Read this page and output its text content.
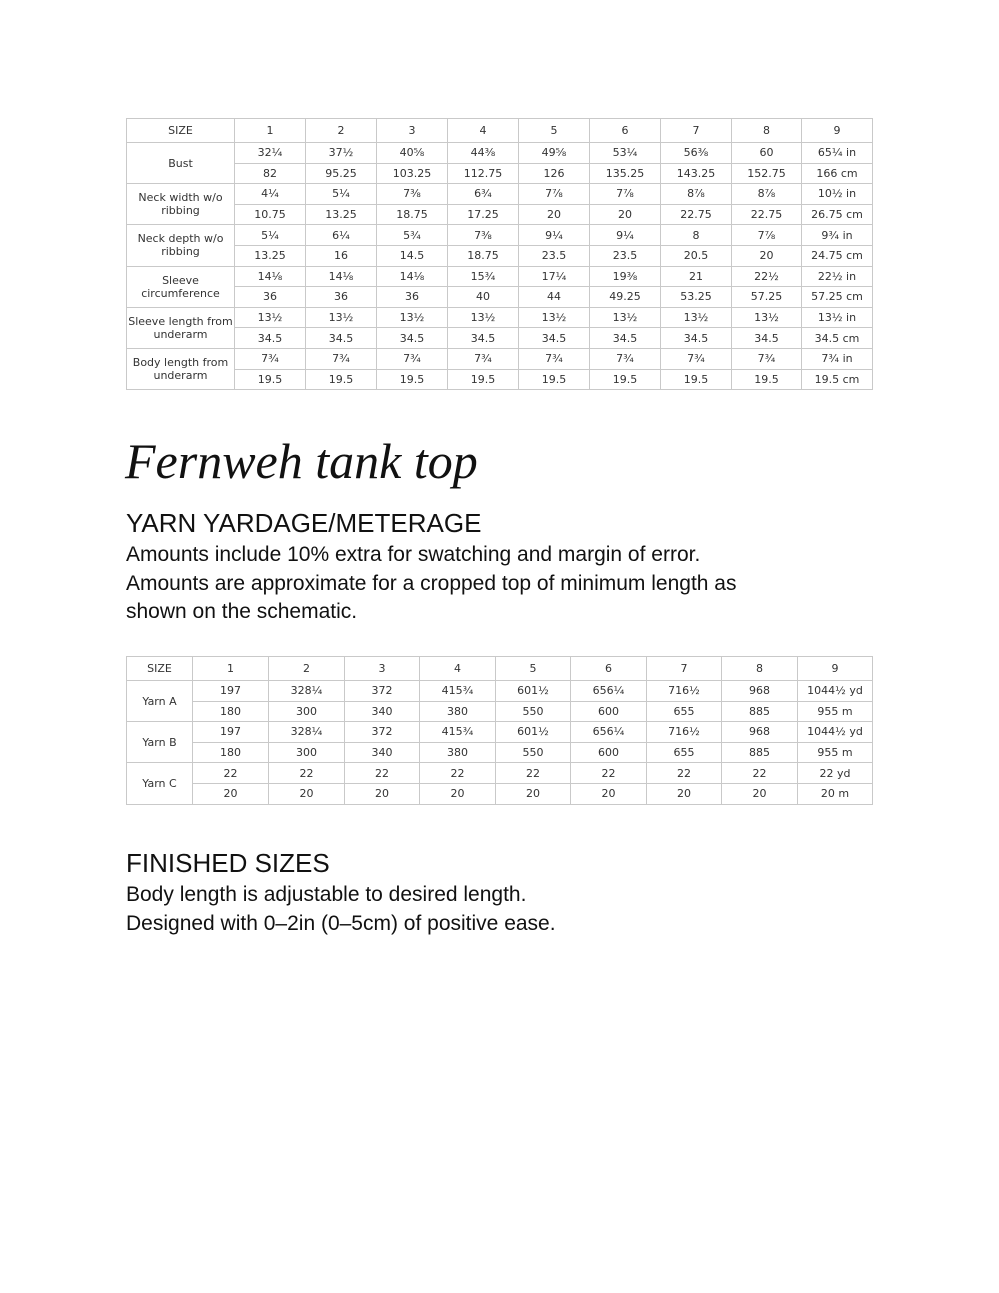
SIZE	1	2	3	4	5	6	7	8	9
Bust	32¼	37½	40⅝	44⅜	49⅝	53¼	56⅜	60	65¼ in
	82	95.25	103.25	112.75	126	135.25	143.25	152.75	166 cm
Neck width w/o ribbing	4¼	5¼	7⅜	6¾	7⅞	7⅞	8⅞	8⅞	10½ in
	10.75	13.25	18.75	17.25	20	20	22.75	22.75	26.75 cm
Neck depth w/o ribbing	5¼	6¼	5¾	7⅜	9¼	9¼	8	7⅞	9¾ in
	13.25	16	14.5	18.75	23.5	23.5	20.5	20	24.75 cm
Sleeve circumference	14⅛	14⅛	14⅛	15¾	17¼	19⅜	21	22½	22½ in
	36	36	36	40	44	49.25	53.25	57.25	57.25 cm
Sleeve length from underarm	13½	13½	13½	13½	13½	13½	13½	13½	13½ in
	34.5	34.5	34.5	34.5	34.5	34.5	34.5	34.5	34.5 cm
Body length from underarm	7¾	7¾	7¾	7¾	7¾	7¾	7¾	7¾	7¾ in
	19.5	19.5	19.5	19.5	19.5	19.5	19.5	19.5	19.5 cm
Fernweh tank top
YARN YARDAGE/METERAGE

Amounts include 10% extra for swatching and margin of error.
Amounts are approximate for a cropped top of minimum length as
shown on the schematic.

SIZE	1	2	3	4	5	6	7	8	9
Yarn A	197	328¼	372	415¾	601½	656¼	716½	968	1044½ yd
	180	300	340	380	550	600	655	885	955 m
Yarn B	197	328¼	372	415¾	601½	656¼	716½	968	1044½ yd
	180	300	340	380	550	600	655	885	955 m
Yarn C	22	22	22	22	22	22	22	22	22 yd
	20	20	20	20	20	20	20	20	20 m
FINISHED SIZES

Body length is adjustable to desired length.
Designed with 0–2in (0–5cm) of positive ease.
